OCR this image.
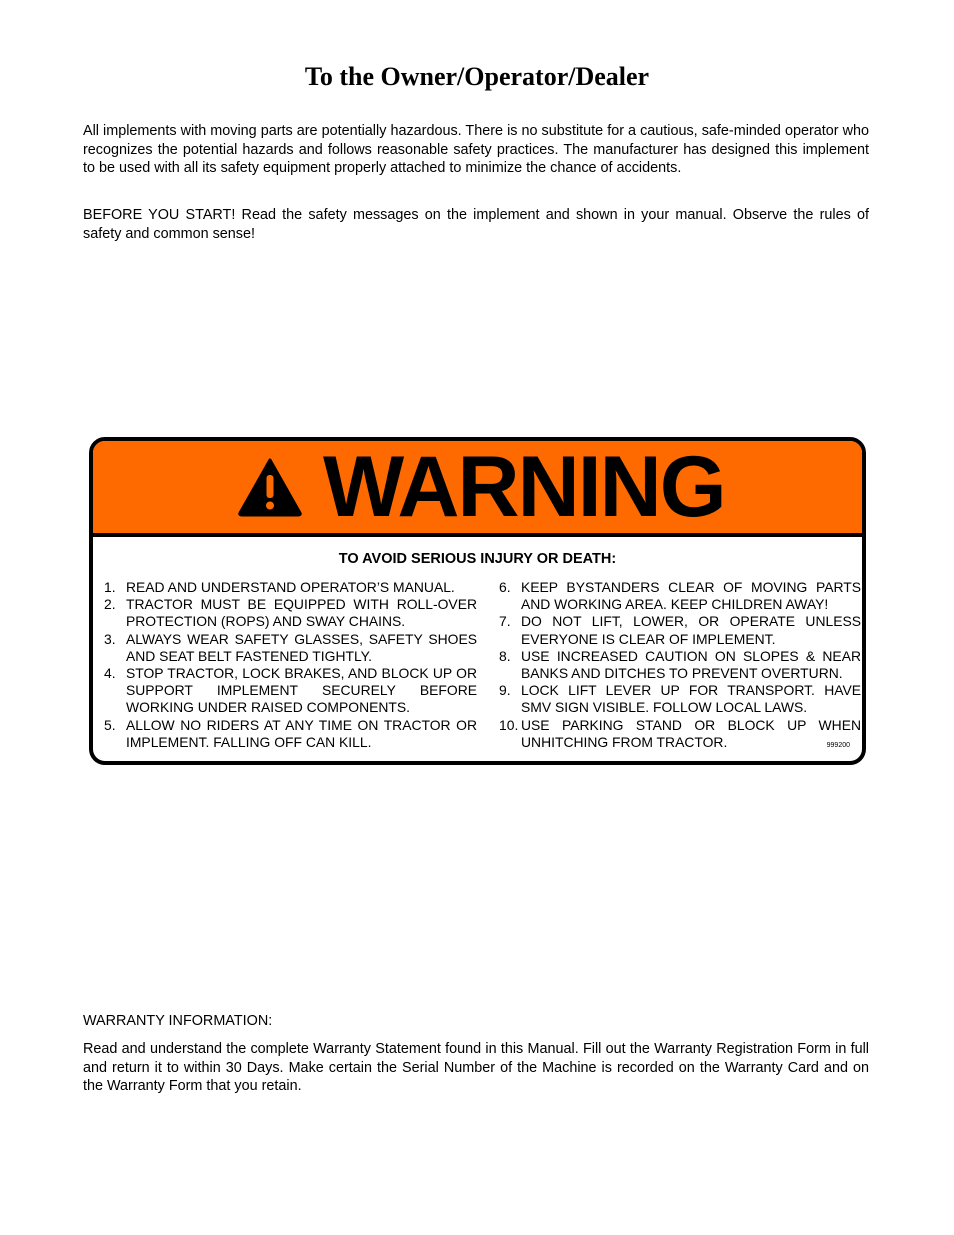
To the Owner/Operator/Dealer

All implements with moving parts are potentially hazardous. There is no substitute for a cautious, safe-minded operator who recognizes the potential hazards and follows reasonable safety practices. The manufacturer has designed this implement to be used with all its safety equipment properly attached to minimize the chance of accidents.

BEFORE YOU START! Read the safety messages on the implement and shown in your manual. Observe the rules of safety and common sense!

WARNING
TO AVOID SERIOUS INJURY OR DEATH:
1. READ AND UNDERSTAND OPERATOR’S MANUAL.
2. TRACTOR MUST BE EQUIPPED WITH ROLL-OVER PROTECTION (ROPS) AND SWAY CHAINS.
3. ALWAYS WEAR SAFETY GLASSES, SAFETY SHOES AND SEAT BELT FASTENED TIGHTLY.
4. STOP TRACTOR, LOCK BRAKES, AND BLOCK UP OR SUPPORT IMPLEMENT SECURELY BEFORE WORKING UNDER RAISED COMPONENTS.
5. ALLOW NO RIDERS AT ANY TIME ON TRACTOR OR IMPLEMENT. FALLING OFF CAN KILL.
6. KEEP BYSTANDERS CLEAR OF MOVING PARTS AND WORKING AREA. KEEP CHILDREN AWAY!
7. DO NOT LIFT, LOWER, OR OPERATE UNLESS EVERYONE IS CLEAR OF IMPLEMENT.
8. USE INCREASED CAUTION ON SLOPES & NEAR BANKS AND DITCHES TO PREVENT OVERTURN.
9. LOCK LIFT LEVER UP FOR TRANSPORT. HAVE SMV SIGN VISIBLE. FOLLOW LOCAL LAWS.
10. USE PARKING STAND OR BLOCK UP WHEN UNHITCHING FROM TRACTOR.	999200

WARRANTY INFORMATION:

Read and understand the complete Warranty Statement found in this Manual. Fill out the Warranty Registration Form in full and return it to within 30 Days. Make certain the Serial Number of the Machine is recorded on the Warranty Card and on the Warranty Form that you retain.
